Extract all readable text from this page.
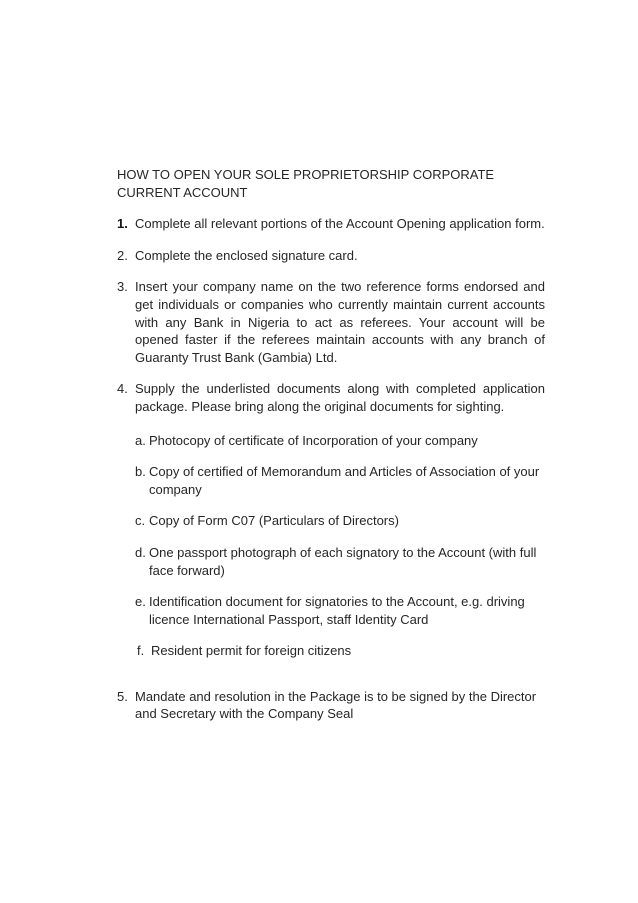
HOW TO OPEN YOUR SOLE PROPRIETORSHIP CORPORATE CURRENT ACCOUNT
1. Complete all relevant portions of the Account Opening application form.
2. Complete the enclosed signature card.
3. Insert your company name on the two reference forms endorsed and get individuals or companies who currently maintain current accounts with any Bank in Nigeria to act as referees. Your account will be opened faster if the referees maintain accounts with any branch of Guaranty Trust Bank (Gambia) Ltd.
4. Supply the underlisted documents along with completed application package. Please bring along the original documents for sighting.
a. Photocopy of certificate of Incorporation of your company
b. Copy of certified of Memorandum and Articles of Association of your company
c. Copy of Form C07 (Particulars of Directors)
d. One passport photograph of each signatory to the Account (with full face forward)
e. Identification document for signatories to the Account, e.g. driving licence International Passport, staff Identity Card
f. Resident permit for foreign citizens
5. Mandate and resolution in the Package is to be signed by the Director and Secretary with the Company Seal
